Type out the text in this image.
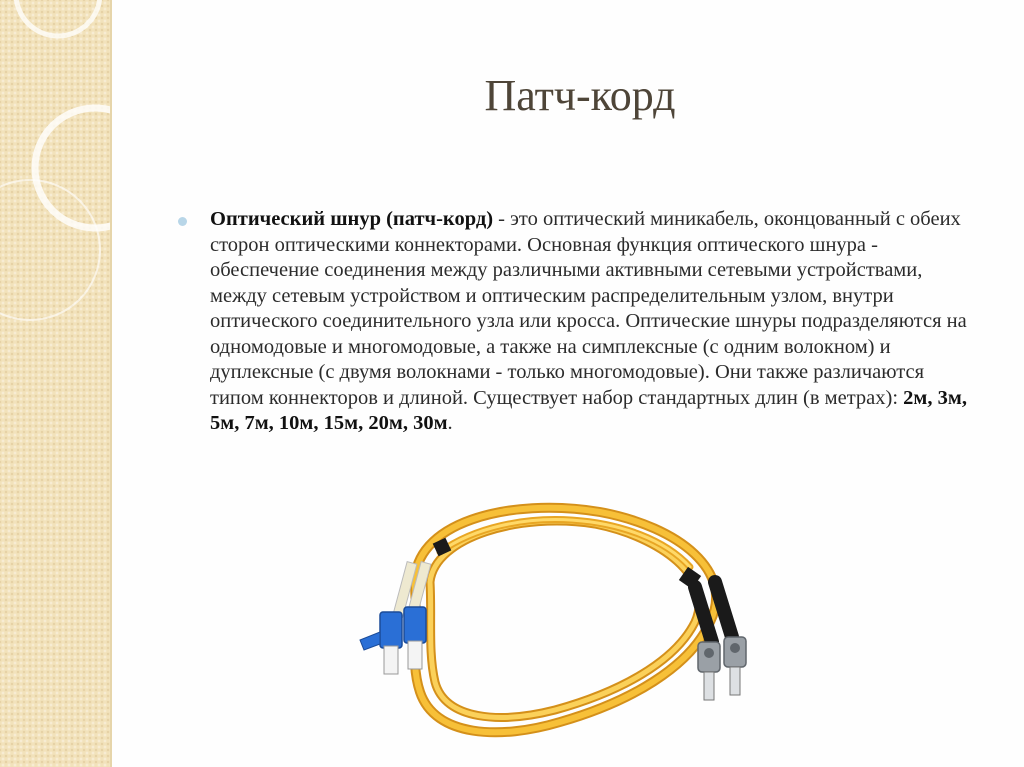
Патч-корд

Оптический шнур (патч-корд) - это оптический миникабель, оконцованный с обеих сторон оптическими коннекторами. Основная функция оптического шнура - обеспечение соединения между различными активными сетевыми устройствами, между сетевым устройством и оптическим распределительным узлом, внутри оптического соединительного узла или кросса. Оптические шнуры подразделяются на одномодовые и многомодовые, а также на симплексные (с одним волокном) и дуплексные (с двумя волокнами - только многомодовые). Они также различаются типом коннекторов и длиной. Существует набор стандартных длин (в метрах): 2м, 3м, 5м, 7м, 10м, 15м, 20м, 30м.
